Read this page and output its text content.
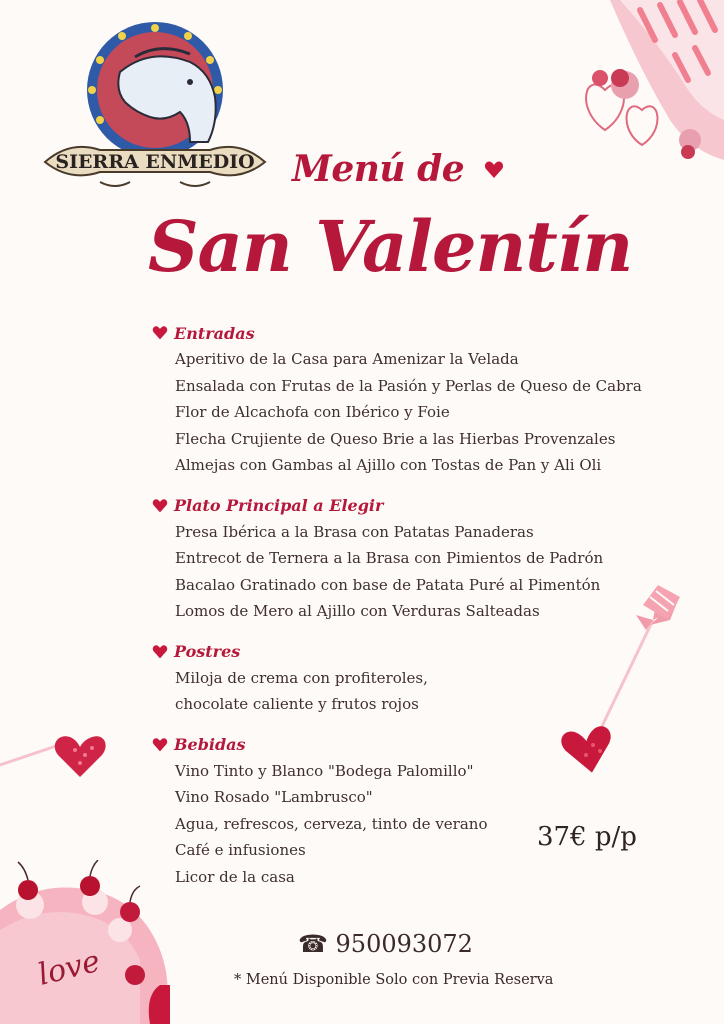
SIERRA ENMEDIO Menú de
San Valentín
Entradas
Aperitivo de la Casa para Amenizar la Velada
Ensalada con Frutas de la Pasión y Perlas de Queso de Cabra
Flor de Alcachofa con Ibérico y Foie
Flecha Crujiente de Queso Brie a las Hierbas Provenzales
Almejas con Gambas al Ajillo con Tostas de Pan y Ali Oli
Plato Principal a Elegir
Presa Ibérica a la Brasa con Patatas Panaderas
Entrecot de Ternera a la Brasa con Pimientos de Padrón
Bacalao Gratinado con base de Patata Puré al Pimentón
Lomos de Mero al Ajillo con Verduras Salteadas
Postres
Miloja de crema con profiteroles,
chocolate caliente y frutos rojos
Bebidas
Vino Tinto y Blanco "Bodega Palomillo"
Vino Rosado "Lambrusco"
Agua, refrescos, cerveza, tinto de verano
Café e infusiones
Licor de la casa
love
37€ p/p
☎ 950093072
* Menú Disponible Solo con Previa Reserva
